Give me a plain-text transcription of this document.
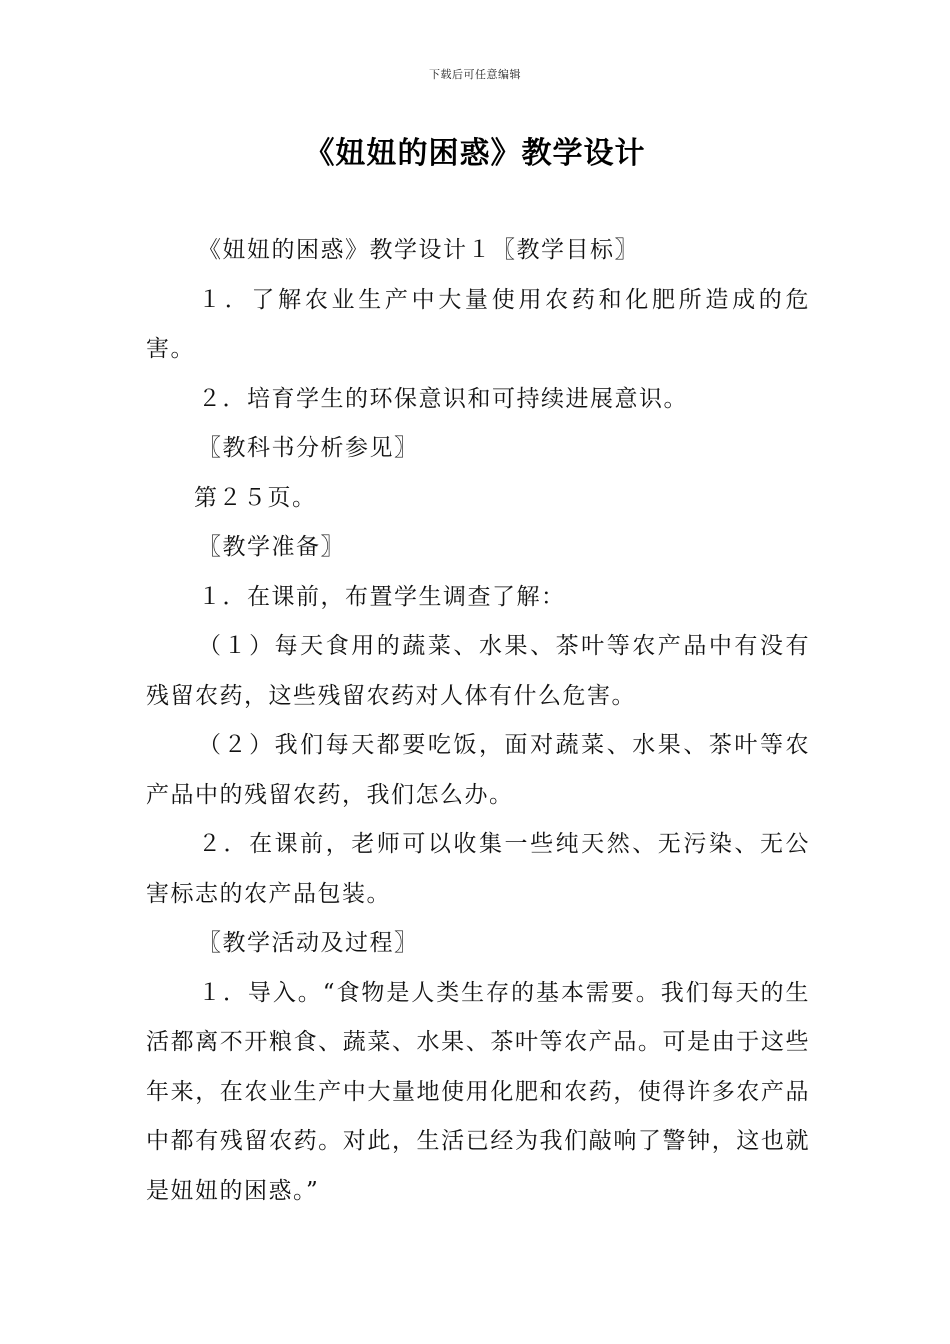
下载后可任意编辑
《妞妞的困惑》教学设计

《妞妞的困惑》教学设计１〖教学目标〗

１．了解农业生产中大量使用农药和化肥所造成的危害。

２．培育学生的环保意识和可持续进展意识。

〖教科书分析参见〗

第２５页。

〖教学准备〗

１．在课前，布置学生调查了解：

（１）每天食用的蔬菜、水果、茶叶等农产品中有没有残留农药，这些残留农药对人体有什么危害。

（２）我们每天都要吃饭，面对蔬菜、水果、茶叶等农产品中的残留农药，我们怎么办。

２．在课前，老师可以收集一些纯天然、无污染、无公害标志的农产品包装。

〖教学活动及过程〗

１．导入。“食物是人类生存的基本需要。我们每天的生活都离不开粮食、蔬菜、水果、茶叶等农产品。可是由于这些年来，在农业生产中大量地使用化肥和农药，使得许多农产品中都有残留农药。对此，生活已经为我们敲响了警钟，这也就是妞妞的困惑。”
